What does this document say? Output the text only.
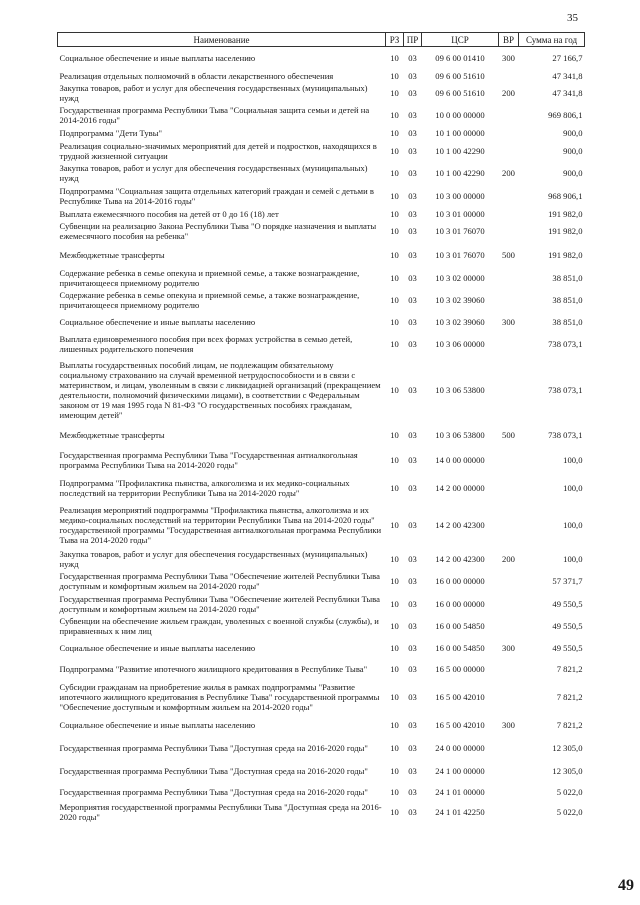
35
Наименование	РЗ	ПР	ЦСР	ВР	Сумма на год
Социальное обеспечение и иные выплаты населению	10	03	09 6 00 01410	300	27 166,7
Реализация отдельных полномочий в области лекарственного обеспечения	10	03	09 6 00 51610		47 341,8
Закупка товаров, работ и услуг для обеспечения государственных (муниципальных) нужд	10	03	09 6 00 51610	200	47 341,8
Государственная программа Республики Тыва "Социальная защита семьи и детей на 2014-2016 годы"	10	03	10 0 00 00000		969 806,1
Подпрограмма "Дети Тувы"	10	03	10 1 00 00000		900,0
Реализация социально-значимых мероприятий для детей и подростков, находящихся в трудной жизненной ситуации	10	03	10 1 00 42290		900,0
Закупка товаров, работ и услуг для обеспечения государственных (муниципальных) нужд	10	03	10 1 00 42290	200	900,0
Подпрограмма "Социальная защита отдельных категорий граждан и семей с детьми в Республике Тыва на 2014-2016 годы"	10	03	10 3 00 00000		968 906,1
Выплата ежемесячного пособия на детей от 0 до 16 (18) лет	10	03	10 3 01 00000		191 982,0
Субвенции на реализацию Закона Республики Тыва "О порядке назначения и выплаты ежемесячного пособия на ребенка"	10	03	10 3 01 76070		191 982,0
Межбюджетные трансферты	10	03	10 3 01 76070	500	191 982,0
Содержание ребенка в семье опекуна и приемной семье, а также вознаграждение, причитающееся приемному родителю	10	03	10 3 02 00000		38 851,0
Содержание ребенка в семье опекуна и приемной семье, а также вознаграждение, причитающееся приемному родителю	10	03	10 3 02 39060		38 851,0
Социальное обеспечение и иные выплаты населению	10	03	10 3 02 39060	300	38 851,0
Выплата единовременного пособия при всех формах устройства в семью детей, лишенных родительского попечения	10	03	10 3 06 00000		738 073,1
Выплаты государственных пособий лицам, не подлежащим обязательному социальному страхованию на случай временной нетрудоспособности и в связи с материнством, и лицам, уволенным в связи с ликвидацией организаций (прекращением деятельности, полномочий физическими лицами), в соответствии с Федеральным законом от 19 мая 1995 года N 81-ФЗ "О государственных пособиях гражданам, имеющим детей"	10	03	10 3 06 53800		738 073,1
Межбюджетные трансферты	10	03	10 3 06 53800	500	738 073,1
Государственная программа Республики Тыва "Государственная антиалкогольная программа Республики Тыва на 2014-2020 годы"	10	03	14 0 00 00000		100,0
Подпрограмма "Профилактика пьянства, алкоголизма и их медико-социальных последствий на территории Республики Тыва на 2014-2020 годы"	10	03	14 2 00 00000		100,0
Реализация мероприятий подпрограммы "Профилактика пьянства, алкоголизма и их медико-социальных последствий на территории Республики Тыва на 2014-2020 годы" государственной программы "Государственная антиалкогольная программа Республики Тыва на 2014-2020 годы"	10	03	14 2 00 42300		100,0
Закупка товаров, работ и услуг для обеспечения государственных (муниципальных) нужд	10	03	14 2 00 42300	200	100,0
Государственная программа Республики Тыва "Обеспечение жителей Республики Тыва доступным и комфортным жильем на 2014-2020 годы"	10	03	16 0 00 00000		57 371,7
Государственная программа Республики Тыва "Обеспечение жителей Республики Тыва доступным и комфортным жильем на 2014-2020 годы"	10	03	16 0 00 00000		49 550,5
Субвенции на обеспечение жильем граждан, уволенных с военной службы (службы), и приравненных к ним лиц	10	03	16 0 00 54850		49 550,5
Социальное обеспечение и иные выплаты населению	10	03	16 0 00 54850	300	49 550,5
Подпрограмма "Развитие ипотечного жилищного кредитования в Республике Тыва"	10	03	16 5 00 00000		7 821,2
Субсидии гражданам на приобретение жилья в рамках подпрограммы "Развитие ипотечного жилищного кредитования в Республике Тыва" государственной программы "Обеспечение доступным и комфортным жильем на 2014-2020 годы"	10	03	16 5 00 42010		7 821,2
Социальное обеспечение и иные выплаты населению	10	03	16 5 00 42010	300	7 821,2
Государственная программа Республики Тыва "Доступная среда на 2016-2020 годы"	10	03	24 0 00 00000		12 305,0
Государственная программа Республики Тыва "Доступная среда на 2016-2020 годы"	10	03	24 1 00 00000		12 305,0
Государственная программа Республики Тыва "Доступная среда на 2016-2020 годы"	10	03	24 1 01 00000		5 022,0
Мероприятия государственной программы Республики Тыва "Доступная среда на 2016-2020 годы"	10	03	24 1 01 42250		5 022,0
49
